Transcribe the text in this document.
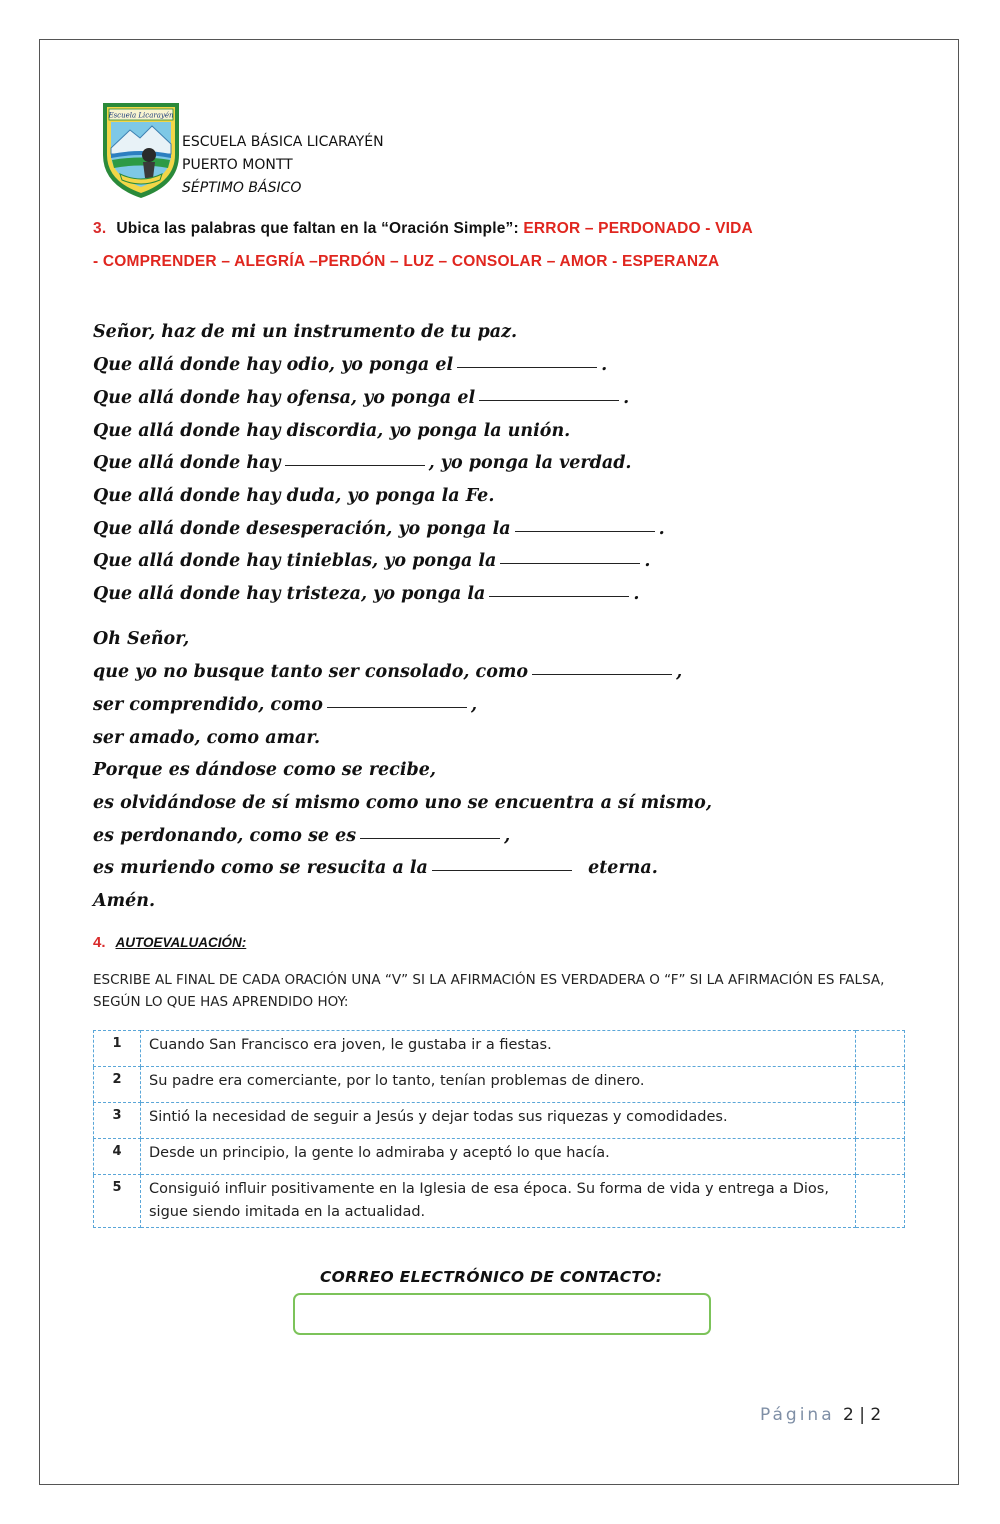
Escuela Licarayén
ESCUELA BÁSICA LICARAYÉN
PUERTO MONTT
SÉPTIMO BÁSICO
3. Ubica las palabras que faltan en la “Oración Simple”: ERROR – PERDONADO - VIDA
- COMPRENDER – ALEGRÍA –PERDÓN – LUZ – CONSOLAR – AMOR - ESPERANZA
Señor, haz de mi un instrumento de tu paz.
Que allá donde hay odio, yo ponga el	.
Que allá donde hay ofensa, yo ponga el	.
Que allá donde hay discordia, yo ponga la unión.
Que allá donde hay	, yo ponga la verdad.
Que allá donde hay duda, yo ponga la Fe.
Que allá donde desesperación, yo ponga la	.
Que allá donde hay tinieblas, yo ponga la	.
Que allá donde hay tristeza, yo ponga la	.
Oh Señor,
que yo no busque tanto ser consolado, como	,
ser comprendido, como	,
ser amado, como amar.
Porque es dándose como se recibe,
es olvidándose de sí mismo como uno se encuentra a sí mismo,
es perdonando, como se es	,
es muriendo como se resucita a la	eterna.
Amén.
4. AUTOEVALUACIÓN:
ESCRIBE AL FINAL DE CADA ORACIÓN UNA “V” SI LA AFIRMACIÓN ES VERDADERA O “F” SI LA AFIRMACIÓN ES FALSA, SEGÚN LO QUE HAS APRENDIDO HOY:
1	Cuando San Francisco era joven, le gustaba ir a fiestas.	
2	Su padre era comerciante, por lo tanto, tenían problemas de dinero.	
3	Sintió la necesidad de seguir a Jesús y dejar todas sus riquezas y comodidades.	
4	Desde un principio, la gente lo admiraba y aceptó lo que hacía.	
5	Consiguió influir positivamente en la Iglesia de esa época. Su forma de vida y entrega a Dios, sigue siendo imitada en la actualidad.	
CORREO ELECTRÓNICO DE CONTACTO:
Página 2 | 2
